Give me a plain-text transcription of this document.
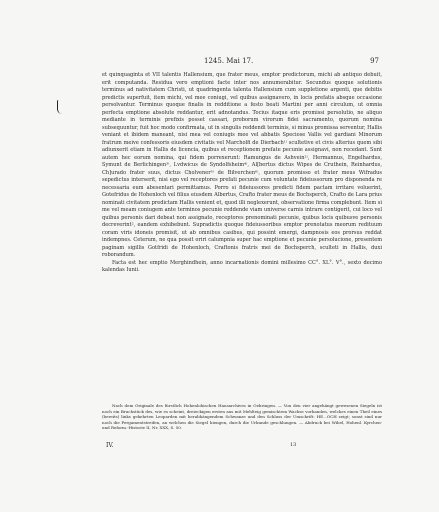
1245. Mai 17.	97

et quinquaginta et VII talentis Hallensium, que frater meus, emptor predictorum, michi ab antiquo debuit, erit computanda. Residua vero emptioni facte inter nos annumerabitur. Secundus quoque solutionis terminus ad nativitatem Christi, ut quadringenta talenta Hallensium cum suppletione argenti, que debitis predictis superfuit, item michi, vel mee coniugi, vel quibus assignavero, in locis prefatis absque occasione persolvantur. Terminus quoque finalis in redditione a festo beati Martini per anni circulum, ut omnia perfecta emptione absolute reddantur, erit adnotandus. Tocius itaque eris promissi persolutio, ne aliquo mediante in terminis prefixis posset cassari, proborum virorum fidei sacramento, quorum nomina subsequuntur, fuit hoc modo confirmata, ut in singulis reddendi terminis, si minus promissa serventur, Hallis veniant et ibidem maneant, nisi mea vel coniugis mee vel abbatis Speciose Vallis vel gardiani Minorum fratrum meive confessoris eiusdem civitatis vel Marcholfi de Dierbach¹⁾ scultetive et civis alterius quem sibi adiunxerit etiam in Hallis de licencia, quibus et receptionem prefate pecunie assignavi, non recedant. Sunt autem hec eorum nomina, qui fidem porrexerunt: Ramungus de Ashvein²⁾, Hermannus, Engelhardus, Symunt de Berlichingen³⁾, Lvdwicus de Syndolfsheim⁴⁾, Al[bertus dictus Wipes de Cruthein, Reinhardus, Ch]urado frater suus, dictus Cholvener⁵⁾ de Bilverchen⁶⁾, quorum promisso et frater meus Wifradus sepedictus interserit, nisi ego vel receptores prefati pecunie cum voluntate fideiussorum pro disponenda re necessaria eum abesentari permittamus. Porro si fideiussores predicti fidem pactam irritare voluerint, Gotefridus de Hohenloch vel filius eiusdem Albertus, Crafto frater meus de Bochsperch, Crafto de Lara prius nominati civitatem predictam Hallis venient et, quod illi neglexerunt, observatione firma complebunt. Item si me vel meam coniugem ante terminos pecunie reddende viam universe carnis intrare contigerit, cui loco vel quibus personis dari debeat non assignato, receptores prenominati pecunie, quibus locis quibusve personis decreverint², eandem exhibebunt. Supradictis quoque fideiussoribus emptor prenotatus meorum redituum coram viris idoneis promisit, ut ab omnibus casibus, qui possint emergi, dampnosis eos prorsus reddat indempnes. Ceterum, ne qua possit oriri calumpnia super hac emptione et pecunie persolucione, presentem paginam sigillis Gotfridi de Hohenloch, Craftonis fratris mei de Bochsperch, sculteti in Hallis, duxi roborandum.

Facta est hec emptio Merghindhein, anno incarnationis domini millesimo CC°. XL°. V°., sexto decimo kalendas Iunii.

Nach dem Originale des fürstlich Hohenlohischen Hausarchives in Oehringen. — Von den vier angehängt gewesenen Siegeln ist noch ein Bruchstück des, wie es scheint, dreieckigen ersten aus mit Mehlteig gemischtem Wachse vorhanden, welches einen Theil eines (bereits) links gekehrten Leoparden mit herabhängendem Schwanze und den Schluss der Umschrift: HE...OCH zeigt; sonst sind nur noch die Pergamentstreifen, an welchen die Siegel hiengen, durch die Urkunde geschlungen. — Abdruck bei Wibel, Hohenl. Kyrchen- und Reform.-Historie II, Nr. XXX, S. 50.

IV.	13
